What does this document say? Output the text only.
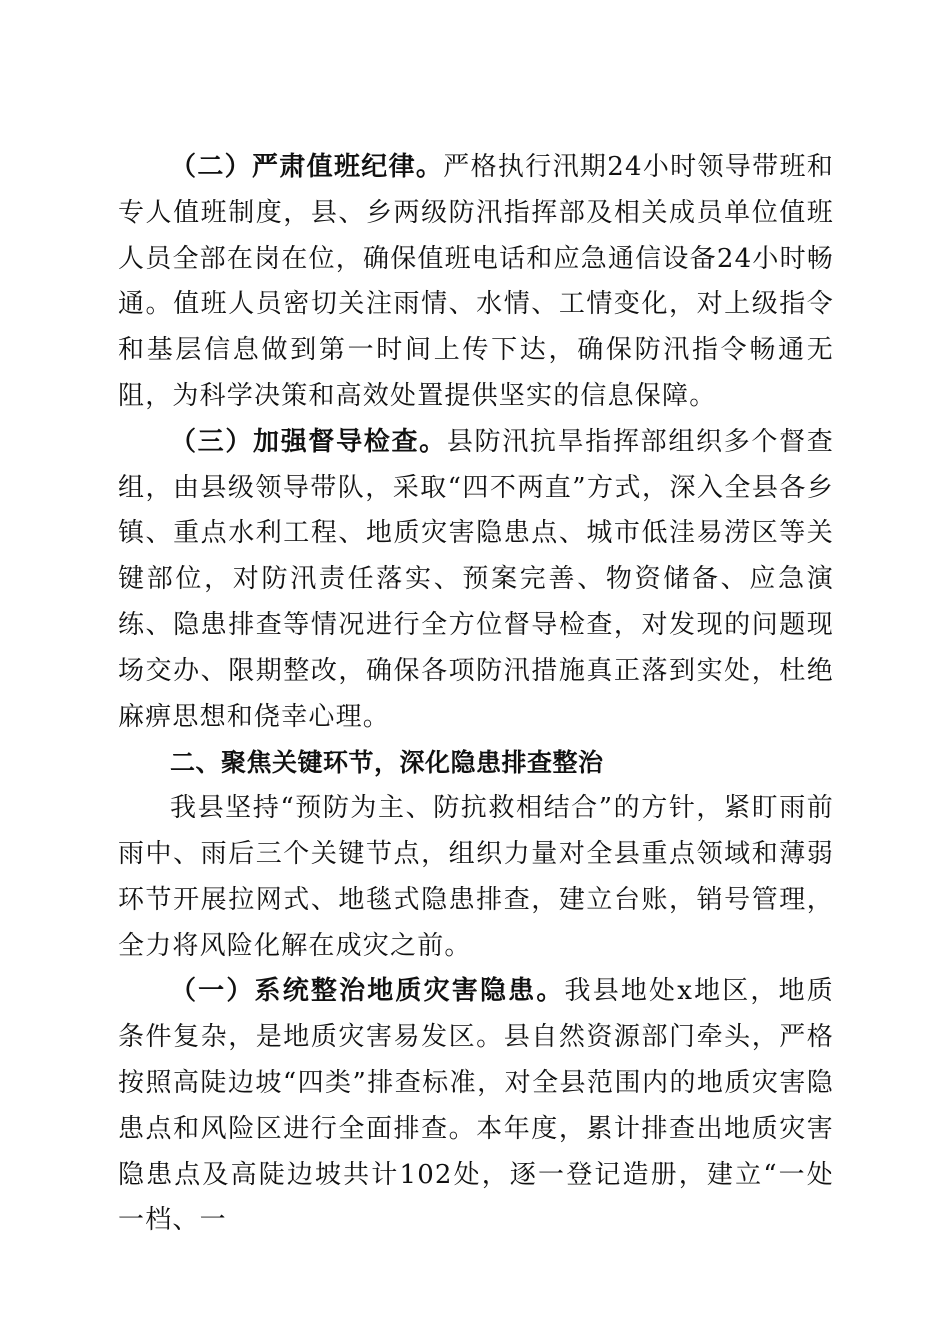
（二）严肃值班纪律。严格执行汛期24小时领导带班和专人值班制度，县、乡两级防汛指挥部及相关成员单位值班人员全部在岗在位，确保值班电话和应急通信设备24小时畅通。值班人员密切关注雨情、水情、工情变化，对上级指令和基层信息做到第一时间上传下达，确保防汛指令畅通无阻，为科学决策和高效处置提供坚实的信息保障。

（三）加强督导检查。县防汛抗旱指挥部组织多个督查组，由县级领导带队，采取“四不两直”方式，深入全县各乡镇、重点水利工程、地质灾害隐患点、城市低洼易涝区等关键部位，对防汛责任落实、预案完善、物资储备、应急演练、隐患排查等情况进行全方位督导检查，对发现的问题现场交办、限期整改，确保各项防汛措施真正落到实处，杜绝麻痹思想和侥幸心理。

二、聚焦关键环节，深化隐患排查整治

我县坚持“预防为主、防抗救相结合”的方针，紧盯雨前雨中、雨后三个关键节点，组织力量对全县重点领域和薄弱环节开展拉网式、地毯式隐患排查，建立台账，销号管理，全力将风险化解在成灾之前。

（一）系统整治地质灾害隐患。我县地处x地区，地质条件复杂，是地质灾害易发区。县自然资源部门牵头，严格按照高陡边坡“四类”排查标准，对全县范围内的地质灾害隐患点和风险区进行全面排查。本年度，累计排查出地质灾害隐患点及高陡边坡共计102处，逐一登记造册，建立“一处一档、一
